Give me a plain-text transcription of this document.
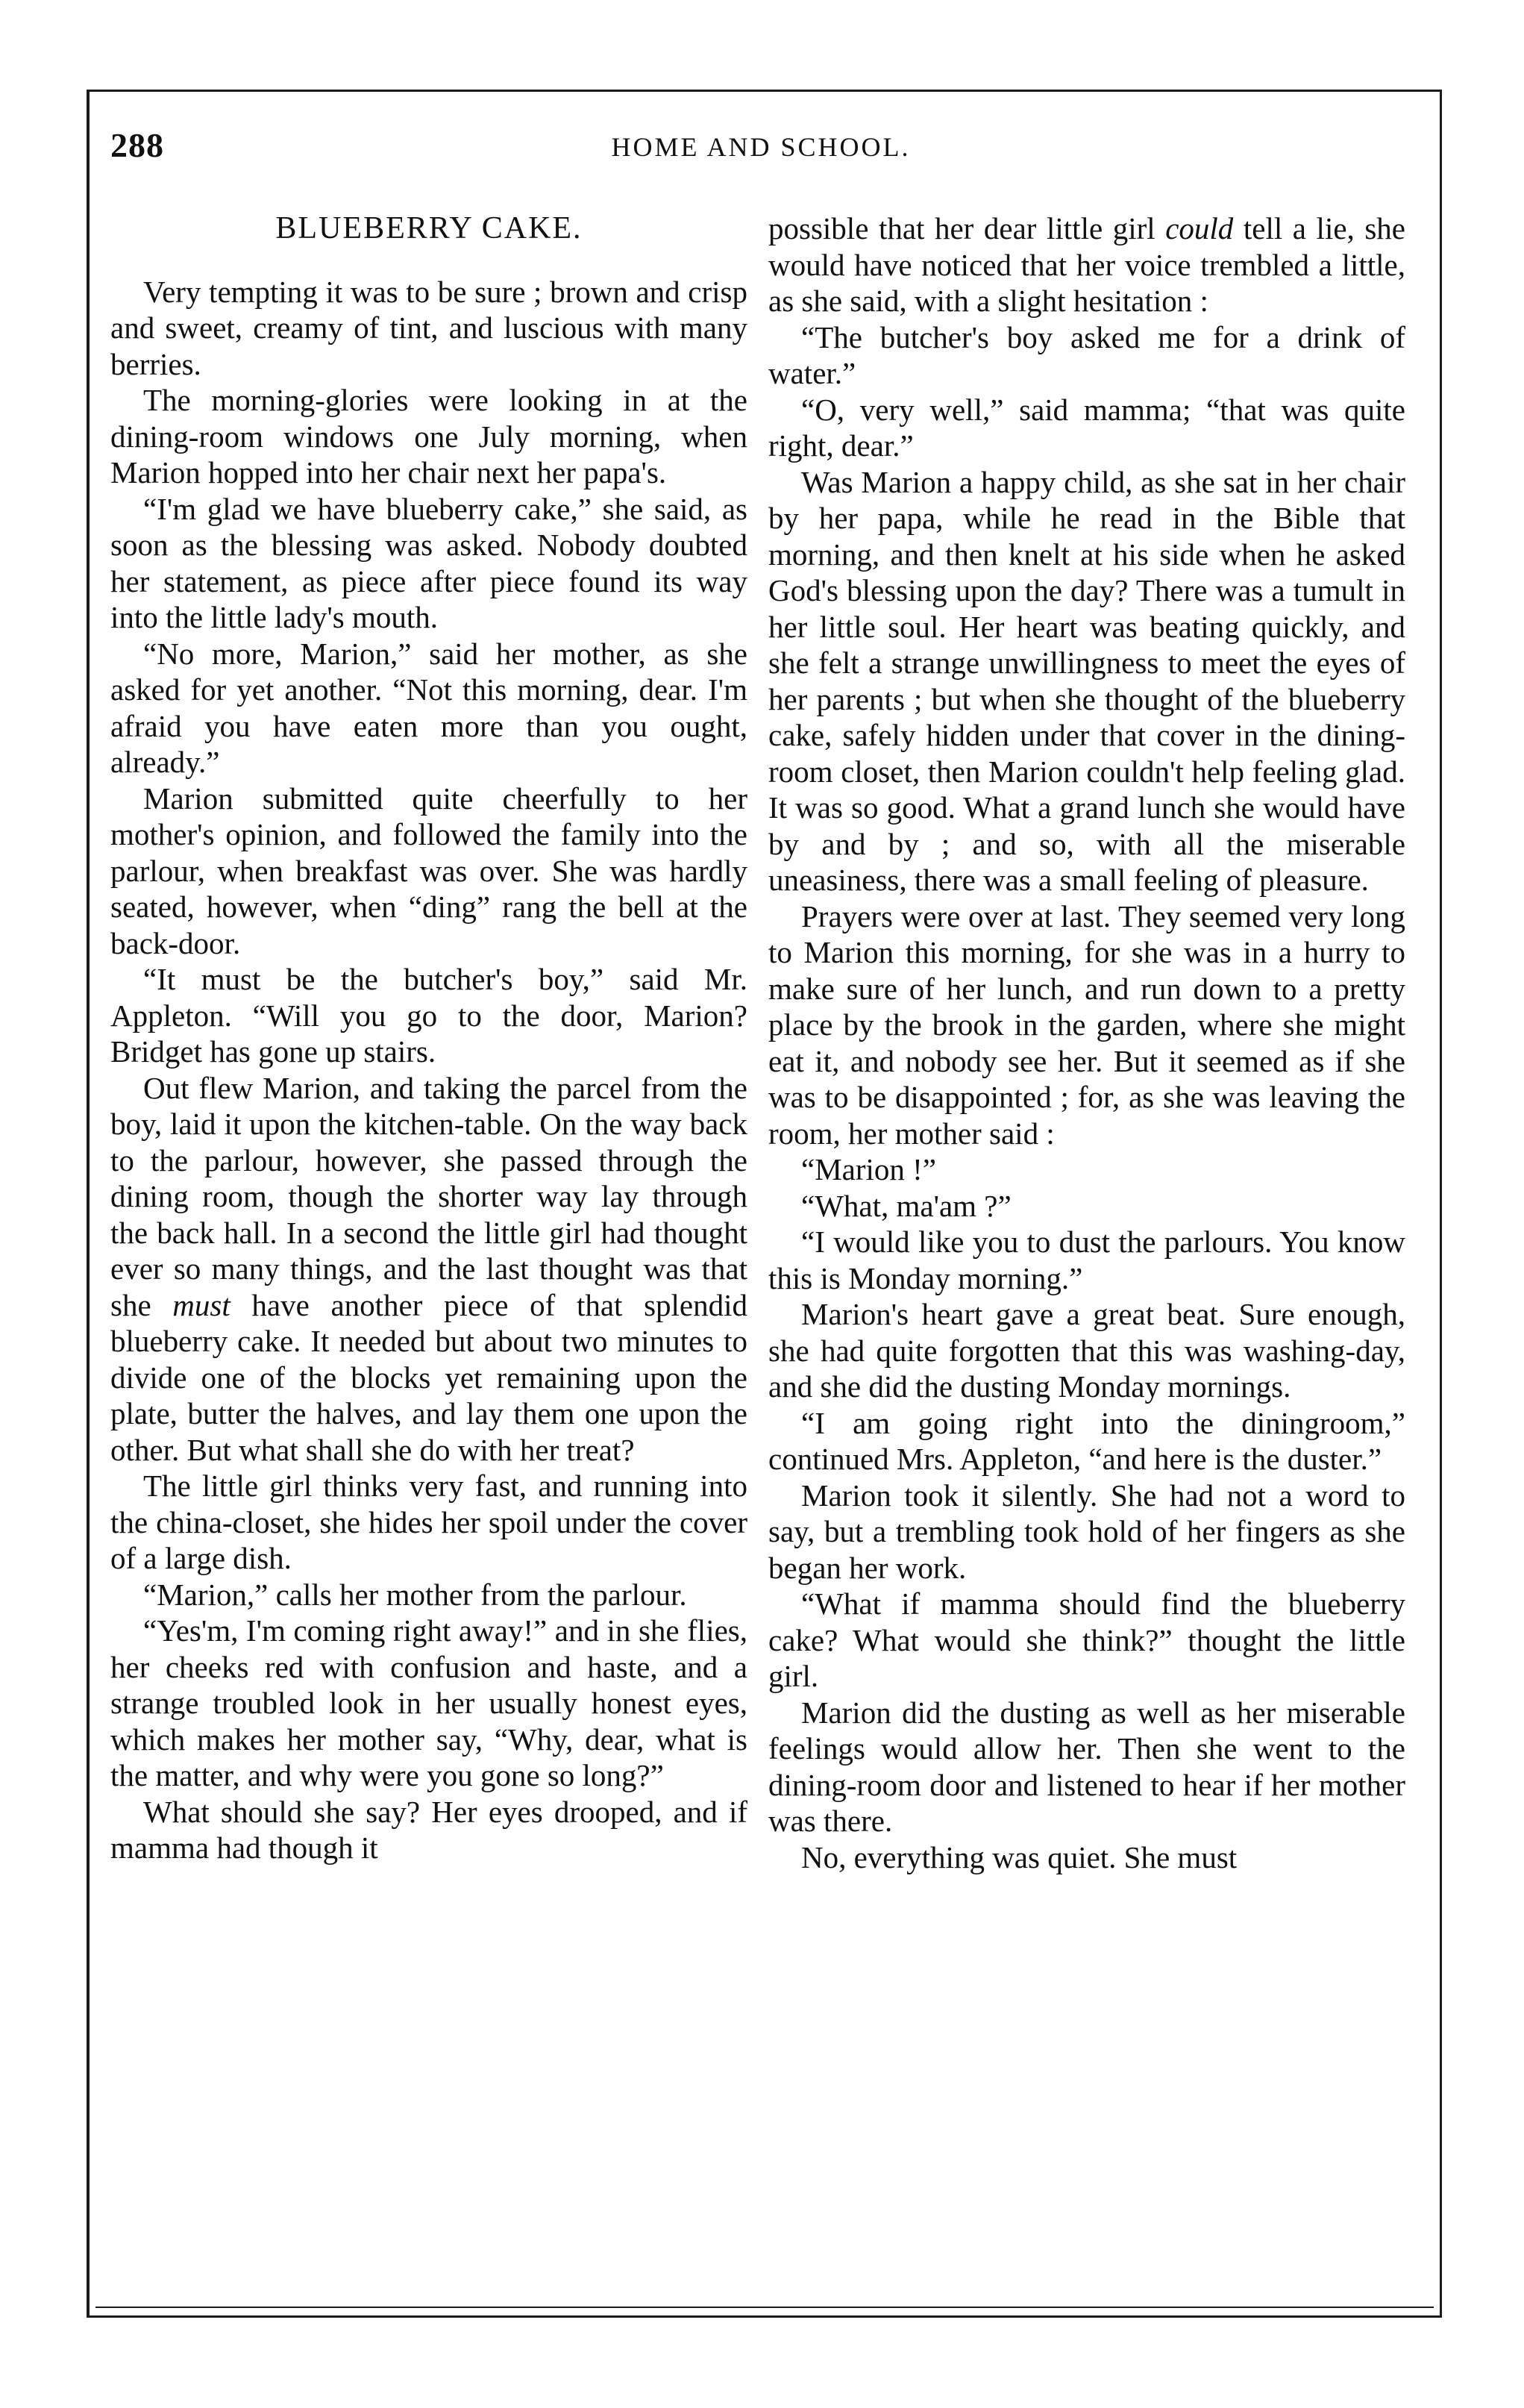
288	HOME AND SCHOOL.
BLUEBERRY CAKE.

Very tempting it was to be sure ; brown and crisp and sweet, creamy of tint, and luscious with many berries.

The morning-glories were looking in at the dining-room windows one July morning, when Marion hopped into her chair next her papa's.

“I'm glad we have blueberry cake,” she said, as soon as the blessing was asked. Nobody doubted her statement, as piece after piece found its way into the little lady's mouth.

“No more, Marion,” said her mother, as she asked for yet another. “Not this morning, dear. I'm afraid you have eaten more than you ought, already.”

Marion submitted quite cheerfully to her mother's opinion, and followed the family into the parlour, when breakfast was over. She was hardly seated, however, when “ding” rang the bell at the back-door.

“It must be the butcher's boy,” said Mr. Appleton. “Will you go to the door, Marion? Bridget has gone up stairs.

Out flew Marion, and taking the parcel from the boy, laid it upon the kitchen-table. On the way back to the parlour, however, she passed through the dining room, though the shorter way lay through the back hall. In a second the little girl had thought ever so many things, and the last thought was that she must have another piece of that splendid blueberry cake. It needed but about two minutes to divide one of the blocks yet remaining upon the plate, butter the halves, and lay them one upon the other. But what shall she do with her treat?

The little girl thinks very fast, and running into the china-closet, she hides her spoil under the cover of a large dish.

“Marion,” calls her mother from the parlour.

“Yes'm, I'm coming right away!” and in she flies, her cheeks red with confusion and haste, and a strange troubled look in her usually honest eyes, which makes her mother say, “Why, dear, what is the matter, and why were you gone so long?”

What should she say? Her eyes drooped, and if mamma had though it

possible that her dear little girl could tell a lie, she would have noticed that her voice trembled a little, as she said, with a slight hesitation :

“The butcher's boy asked me for a drink of water.”

“O, very well,” said mamma; “that was quite right, dear.”

Was Marion a happy child, as she sat in her chair by her papa, while he read in the Bible that morning, and then knelt at his side when he asked God's blessing upon the day? There was a tumult in her little soul. Her heart was beating quickly, and she felt a strange unwillingness to meet the eyes of her parents ; but when she thought of the blueberry cake, safely hidden under that cover in the dining-room closet, then Marion couldn't help feeling glad. It was so good. What a grand lunch she would have by and by ; and so, with all the miserable uneasiness, there was a small feeling of pleasure.

Prayers were over at last. They seemed very long to Marion this morning, for she was in a hurry to make sure of her lunch, and run down to a pretty place by the brook in the garden, where she might eat it, and nobody see her. But it seemed as if she was to be disappointed ; for, as she was leaving the room, her mother said :

“Marion !”

“What, ma'am ?”

“I would like you to dust the parlours. You know this is Monday morning.”

Marion's heart gave a great beat. Sure enough, she had quite forgotten that this was washing-day, and she did the dusting Monday mornings.

“I am going right into the diningroom,” continued Mrs. Appleton, “and here is the duster.”

Marion took it silently. She had not a word to say, but a trembling took hold of her fingers as she began her work.

“What if mamma should find the blueberry cake? What would she think?” thought the little girl.

Marion did the dusting as well as her miserable feelings would allow her. Then she went to the dining-room door and listened to hear if her mother was there.

No, everything was quiet. She must
